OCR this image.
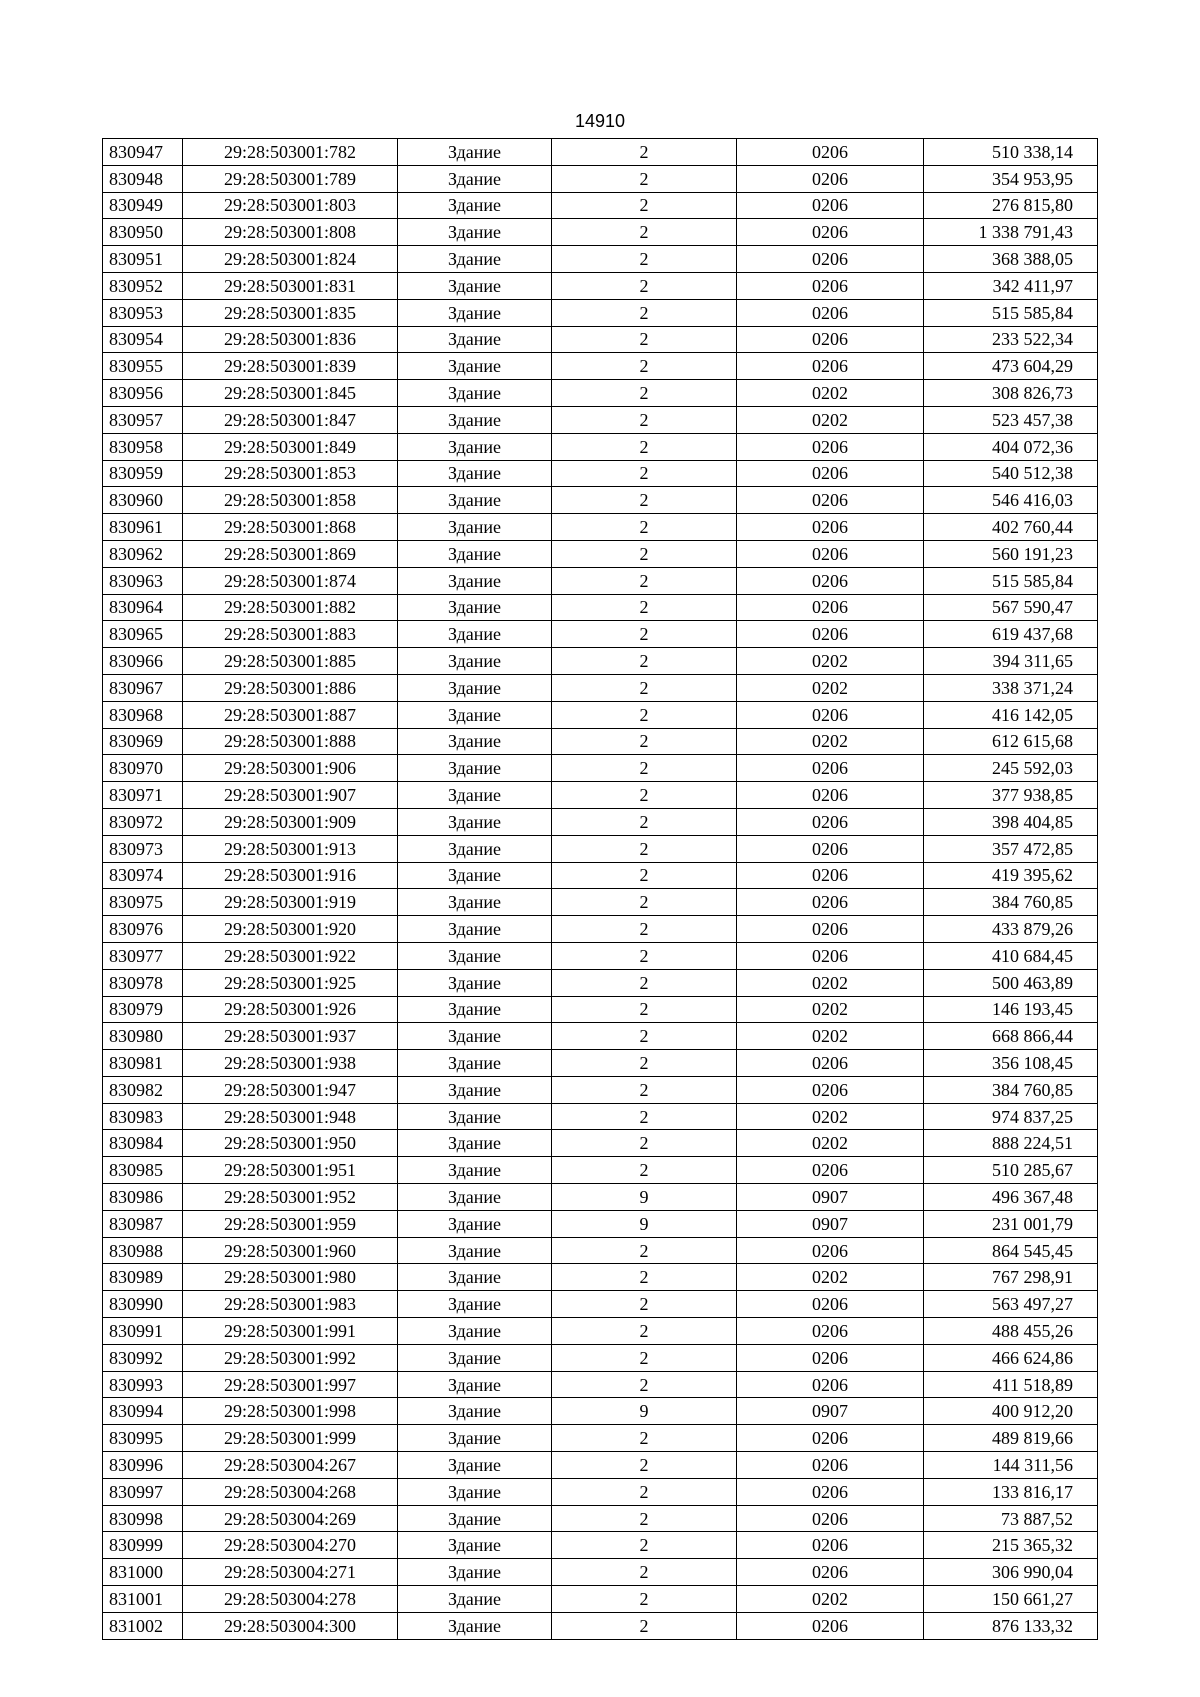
14910
830947	29:28:503001:782	Здание	2	0206	510 338,14
830948	29:28:503001:789	Здание	2	0206	354 953,95
830949	29:28:503001:803	Здание	2	0206	276 815,80
830950	29:28:503001:808	Здание	2	0206	1 338 791,43
830951	29:28:503001:824	Здание	2	0206	368 388,05
830952	29:28:503001:831	Здание	2	0206	342 411,97
830953	29:28:503001:835	Здание	2	0206	515 585,84
830954	29:28:503001:836	Здание	2	0206	233 522,34
830955	29:28:503001:839	Здание	2	0206	473 604,29
830956	29:28:503001:845	Здание	2	0202	308 826,73
830957	29:28:503001:847	Здание	2	0202	523 457,38
830958	29:28:503001:849	Здание	2	0206	404 072,36
830959	29:28:503001:853	Здание	2	0206	540 512,38
830960	29:28:503001:858	Здание	2	0206	546 416,03
830961	29:28:503001:868	Здание	2	0206	402 760,44
830962	29:28:503001:869	Здание	2	0206	560 191,23
830963	29:28:503001:874	Здание	2	0206	515 585,84
830964	29:28:503001:882	Здание	2	0206	567 590,47
830965	29:28:503001:883	Здание	2	0206	619 437,68
830966	29:28:503001:885	Здание	2	0202	394 311,65
830967	29:28:503001:886	Здание	2	0202	338 371,24
830968	29:28:503001:887	Здание	2	0206	416 142,05
830969	29:28:503001:888	Здание	2	0202	612 615,68
830970	29:28:503001:906	Здание	2	0206	245 592,03
830971	29:28:503001:907	Здание	2	0206	377 938,85
830972	29:28:503001:909	Здание	2	0206	398 404,85
830973	29:28:503001:913	Здание	2	0206	357 472,85
830974	29:28:503001:916	Здание	2	0206	419 395,62
830975	29:28:503001:919	Здание	2	0206	384 760,85
830976	29:28:503001:920	Здание	2	0206	433 879,26
830977	29:28:503001:922	Здание	2	0206	410 684,45
830978	29:28:503001:925	Здание	2	0202	500 463,89
830979	29:28:503001:926	Здание	2	0202	146 193,45
830980	29:28:503001:937	Здание	2	0202	668 866,44
830981	29:28:503001:938	Здание	2	0206	356 108,45
830982	29:28:503001:947	Здание	2	0206	384 760,85
830983	29:28:503001:948	Здание	2	0202	974 837,25
830984	29:28:503001:950	Здание	2	0202	888 224,51
830985	29:28:503001:951	Здание	2	0206	510 285,67
830986	29:28:503001:952	Здание	9	0907	496 367,48
830987	29:28:503001:959	Здание	9	0907	231 001,79
830988	29:28:503001:960	Здание	2	0206	864 545,45
830989	29:28:503001:980	Здание	2	0202	767 298,91
830990	29:28:503001:983	Здание	2	0206	563 497,27
830991	29:28:503001:991	Здание	2	0206	488 455,26
830992	29:28:503001:992	Здание	2	0206	466 624,86
830993	29:28:503001:997	Здание	2	0206	411 518,89
830994	29:28:503001:998	Здание	9	0907	400 912,20
830995	29:28:503001:999	Здание	2	0206	489 819,66
830996	29:28:503004:267	Здание	2	0206	144 311,56
830997	29:28:503004:268	Здание	2	0206	133 816,17
830998	29:28:503004:269	Здание	2	0206	73 887,52
830999	29:28:503004:270	Здание	2	0206	215 365,32
831000	29:28:503004:271	Здание	2	0206	306 990,04
831001	29:28:503004:278	Здание	2	0202	150 661,27
831002	29:28:503004:300	Здание	2	0206	876 133,32
